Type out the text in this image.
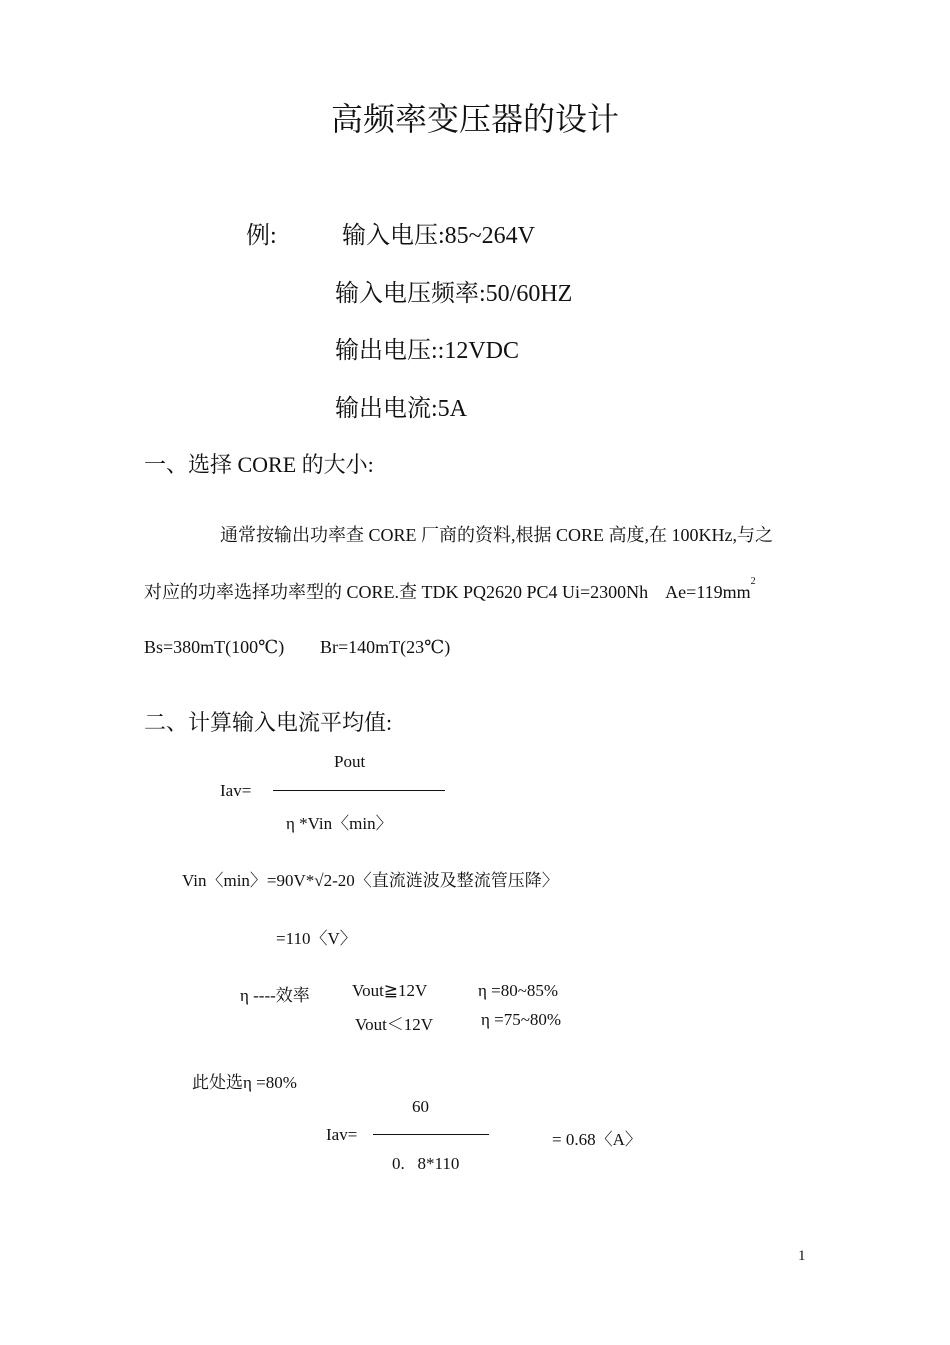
高频率变压器的设计
例:	输入电压:85~264V
输入电压频率:50/60HZ
输出电压::12VDC
输出电流:5A
一、选择 CORE 的大小:
通常按输出功率查 CORE 厂商的资料,根据 CORE 高度,在 100KHz,与之
对应的功率选择功率型的 CORE.查 TDK PQ2620 PC4 Ui=2300Nh    $Ae=119mm^2$
Bs=380mT(100℃) Br=140mT(23℃)
二、计算输入电流平均值:
Pout
Iav=
η *Vin〈min〉
Vin〈min〉=90V*√2-20〈直流涟波及整流管压降〉
=110〈V〉
η ----效率 Vout≧12V	η =80~85%
Vout＜12V	η =75~80%
此处选η =80%
60
Iav=	= 0.68〈A〉
0.   8*110
1
